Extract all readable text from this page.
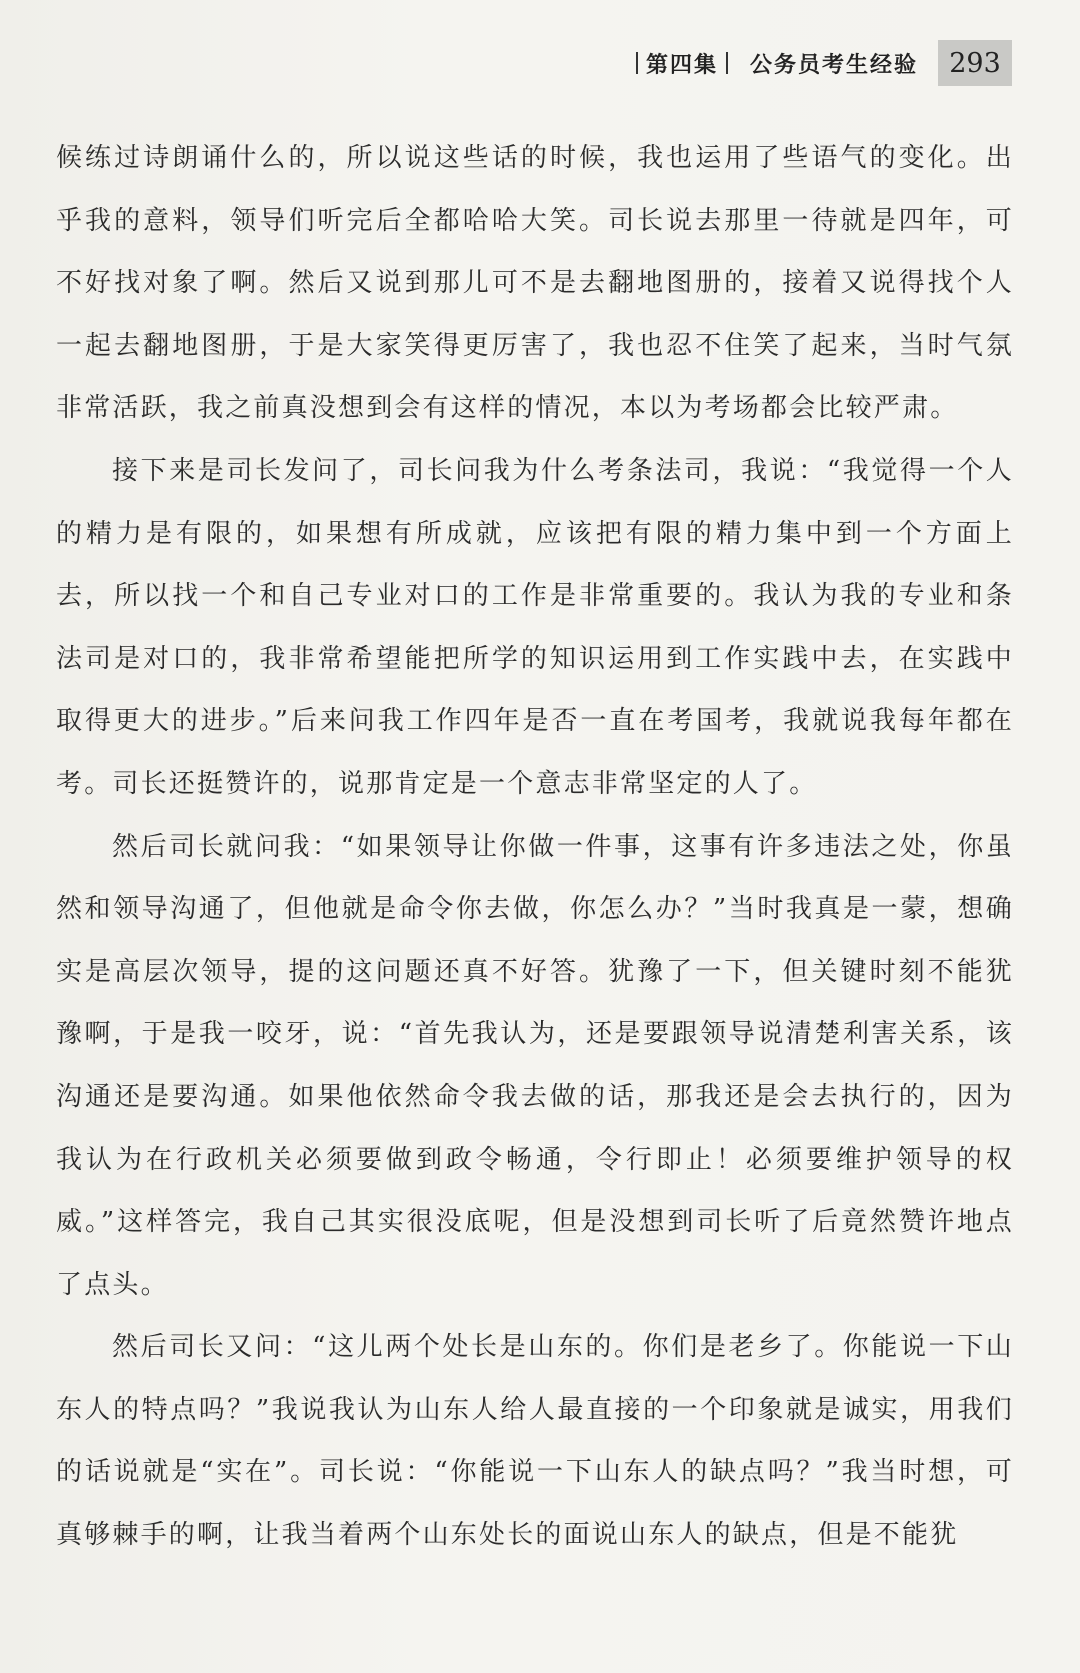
第四集 公务员考生经验	293

候练过诗朗诵什么的，所以说这些话的时候，我也运用了些语气的变化。出乎我的意料，领导们听完后全都哈哈大笑。司长说去那里一待就是四年，可不好找对象了啊。然后又说到那儿可不是去翻地图册的，接着又说得找个人一起去翻地图册，于是大家笑得更厉害了，我也忍不住笑了起来，当时气氛非常活跃，我之前真没想到会有这样的情况，本以为考场都会比较严肃。

接下来是司长发问了，司长问我为什么考条法司，我说：“我觉得一个人的精力是有限的，如果想有所成就，应该把有限的精力集中到一个方面上去，所以找一个和自己专业对口的工作是非常重要的。我认为我的专业和条法司是对口的，我非常希望能把所学的知识运用到工作实践中去，在实践中取得更大的进步。”后来问我工作四年是否一直在考国考，我就说我每年都在考。司长还挺赞许的，说那肯定是一个意志非常坚定的人了。

然后司长就问我：“如果领导让你做一件事，这事有许多违法之处，你虽然和领导沟通了，但他就是命令你去做，你怎么办？”当时我真是一蒙，想确实是高层次领导，提的这问题还真不好答。犹豫了一下，但关键时刻不能犹豫啊，于是我一咬牙，说：“首先我认为，还是要跟领导说清楚利害关系，该沟通还是要沟通。如果他依然命令我去做的话，那我还是会去执行的，因为我认为在行政机关必须要做到政令畅通，令行即止！必须要维护领导的权威。”这样答完，我自己其实很没底呢，但是没想到司长听了后竟然赞许地点了点头。

然后司长又问：“这儿两个处长是山东的。你们是老乡了。你能说一下山东人的特点吗？”我说我认为山东人给人最直接的一个印象就是诚实，用我们的话说就是“实在”。司长说：“你能说一下山东人的缺点吗？”我当时想，可真够棘手的啊，让我当着两个山东处长的面说山东人的缺点，但是不能犹
